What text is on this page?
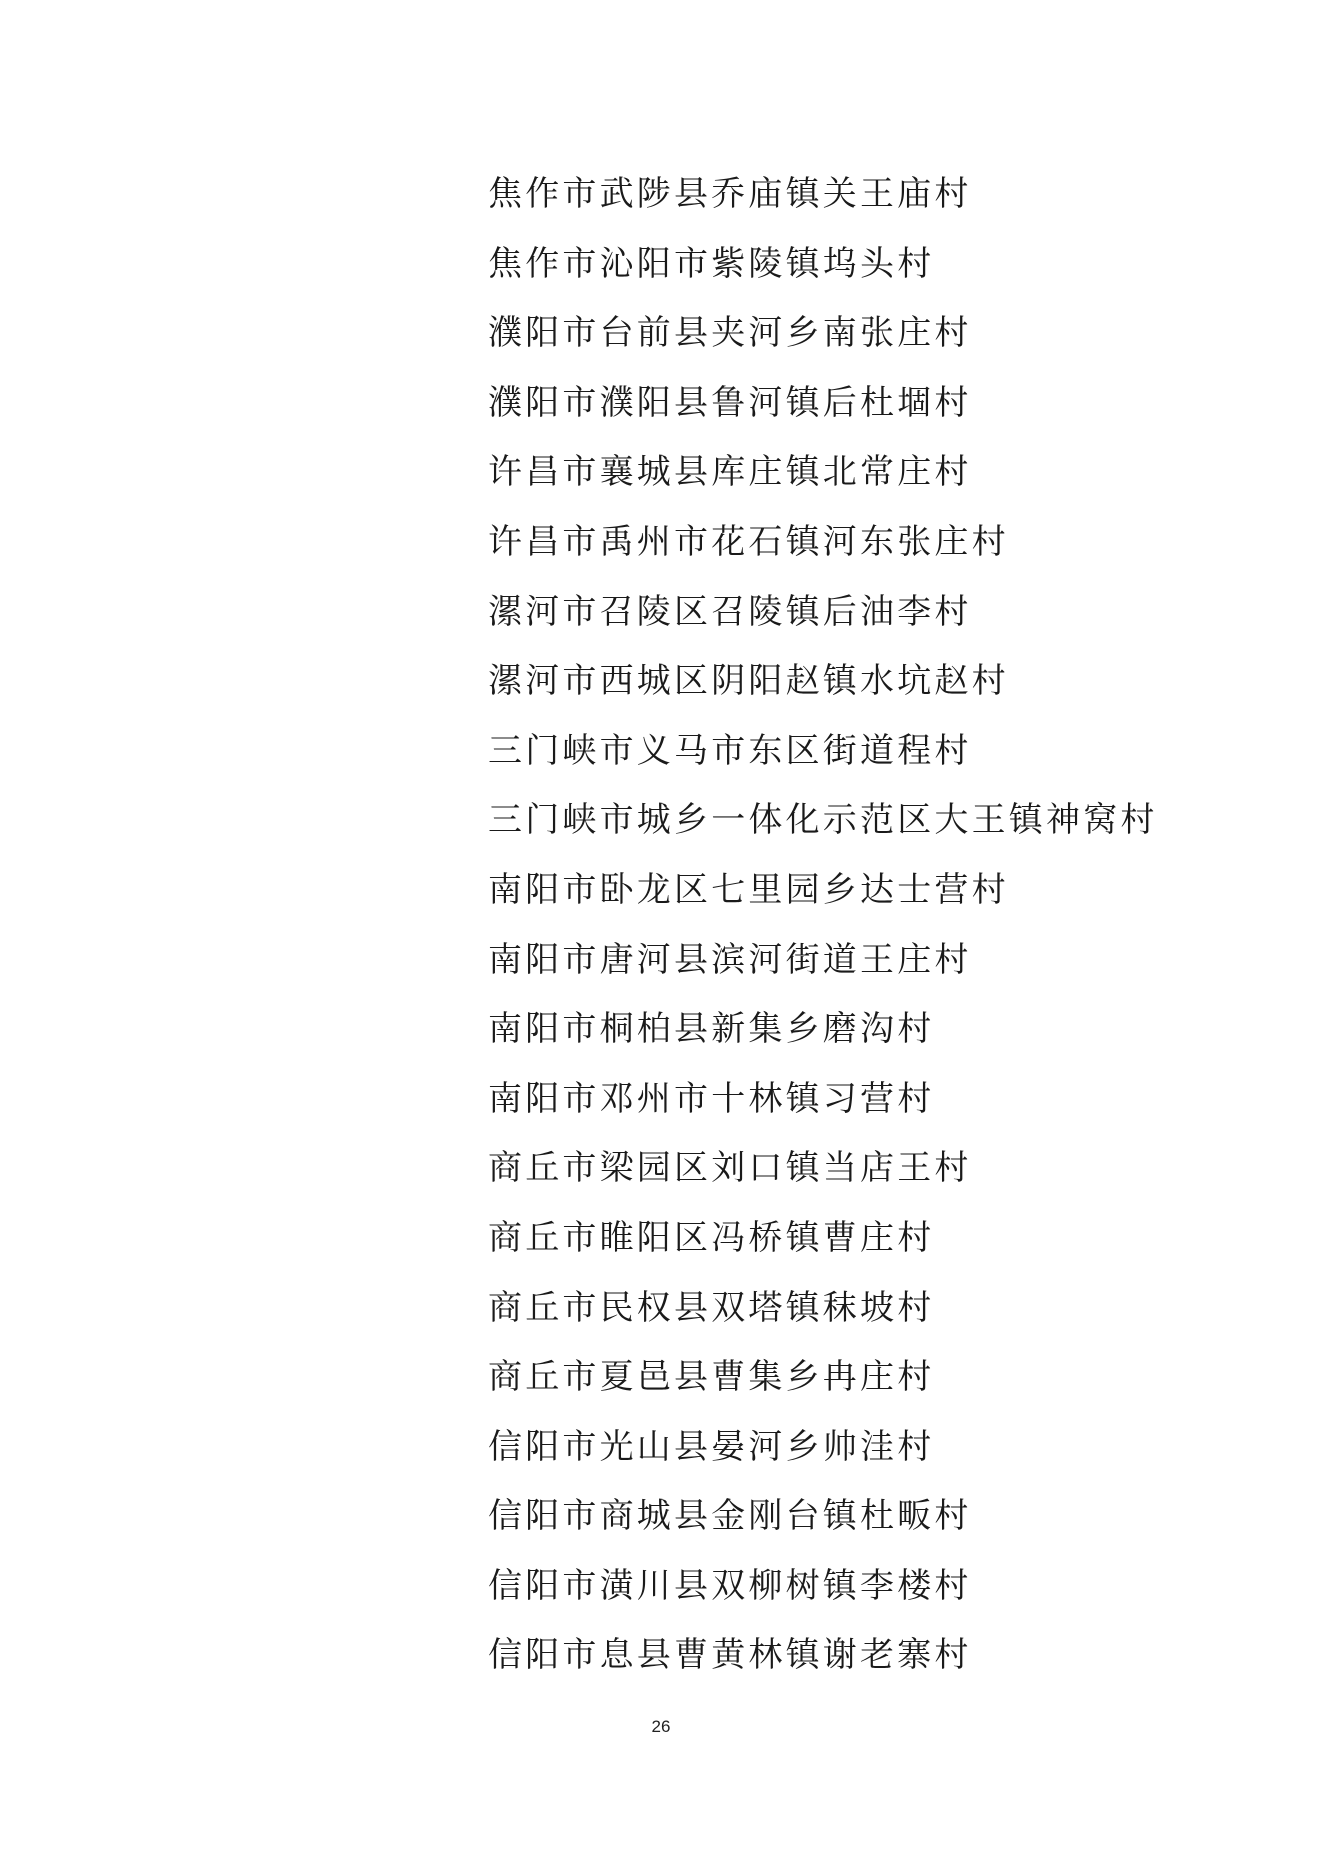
焦作市武陟县乔庙镇关王庙村
焦作市沁阳市紫陵镇坞头村
濮阳市台前县夹河乡南张庄村
濮阳市濮阳县鲁河镇后杜堌村
许昌市襄城县库庄镇北常庄村
许昌市禹州市花石镇河东张庄村
漯河市召陵区召陵镇后油李村
漯河市西城区阴阳赵镇水坑赵村
三门峡市义马市东区街道程村
三门峡市城乡一体化示范区大王镇神窝村
南阳市卧龙区七里园乡达士营村
南阳市唐河县滨河街道王庄村
南阳市桐柏县新集乡磨沟村
南阳市邓州市十林镇习营村
商丘市梁园区刘口镇当店王村
商丘市睢阳区冯桥镇曹庄村
商丘市民权县双塔镇秣坡村
商丘市夏邑县曹集乡冉庄村
信阳市光山县晏河乡帅洼村
信阳市商城县金刚台镇杜畈村
信阳市潢川县双柳树镇李楼村
信阳市息县曹黄林镇谢老寨村
26
